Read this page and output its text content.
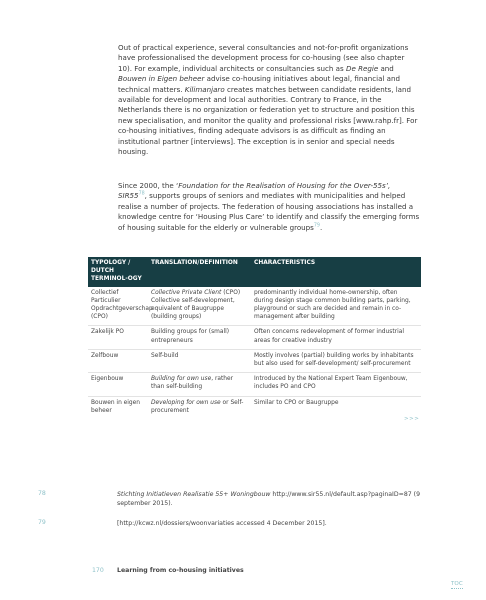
Out of practical experience, several consultancies and not-for-profit organizations have professionalised the development process for co-housing (see also chapter 10). For example, individual architects or consultancies such as De Regie and Bouwen in Eigen beheer advise co-housing initiatives about legal, financial and technical matters. Kilimanjaro creates matches between candidate residents, land available for development and local authorities. Contrary to France, in the Netherlands there is no organization or federation yet to structure and position this new specialisation, and monitor the quality and professional risks [www.rahp.fr]. For co-housing initiatives, finding adequate advisors is as difficult as finding an institutional partner [interviews]. The exception is in senior and special needs housing.

Since 2000, the ‘Foundation for the Realisation of Housing for the Over-55s’, $SIR55^{78}$, supports groups of seniors and mediates with municipalities and helped realise a number of projects. The federation of housing associations has installed a knowledge centre for ‘Housing Plus Care’ to identify and classify the emerging forms of housing suitable for the elderly or vulnerable groups$^{79}$.

TYPOLOGY / DUTCH TERMINOL-OGY	TRANSLATION/DEFINITION	CHARACTERISTICS
Collectief Particulier Opdrachtgeverschap (CPO)	Collective Private Client (CPO) Collective self-development, equivalent of Baugruppe (building groups)	predominantly individual home-ownership, often during design stage common building parts, parking, playground or such are decided and remain in co-management after building
Zakelijk PO	Building groups for (small) entrepreneurs	Often concerns redevelopment of former industrial areas for creative industry
Zelfbouw	Self-build	Mostly involves (partial) building works by inhabitants but also used for self-development/ self-procurement
Eigenbouw	Building for own use, rather than self-building	Introduced by the National Expert Team Eigenbouw, includes PO and CPO
Bouwen in eigen beheer	Developing for own use or Self-procurement	Similar to CPO or Baugruppe
>>>
78	Stichting Initiatieven Realisatie 55+ Woningbouw http://www.sir55.nl/default.asp?paginaID=87 (9 september 2015).
79	[http://kcwz.nl/dossiers/woonvariaties accessed 4 December 2015].
170 Learning from co-housing initiatives
TOC
